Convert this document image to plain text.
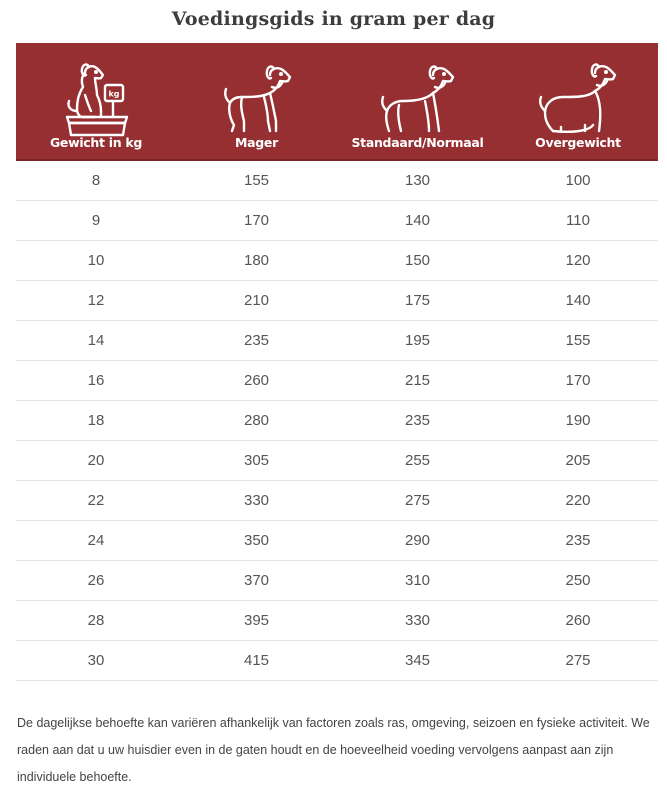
Voedingsgids in gram per dag
kg
Gewicht in kg	Mager	Standaard/Normaal	Overgewicht
8	155	130	100
9	170	140	110
10	180	150	120
12	210	175	140
14	235	195	155
16	260	215	170
18	280	235	190
20	305	255	205
22	330	275	220
24	350	290	235
26	370	310	250
28	395	330	260
30	415	345	275
De dagelijkse behoefte kan variëren afhankelijk van factoren zoals ras, omgeving, seizoen en fysieke activiteit. We raden aan dat u uw huisdier even in de gaten houdt en de hoeveelheid voeding vervolgens aanpast aan zijn individuele behoefte.
